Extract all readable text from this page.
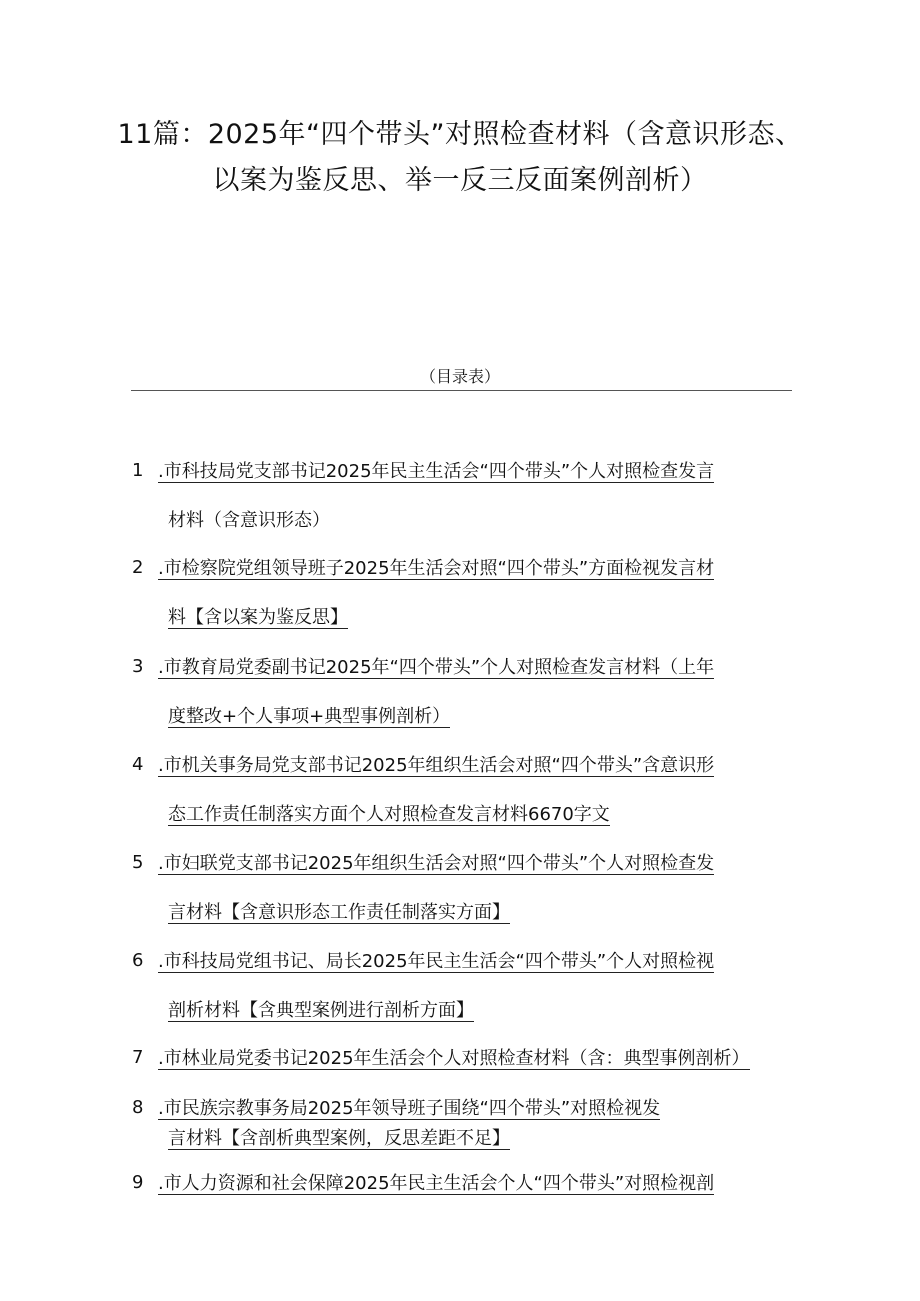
11篇：2025年“四个带头”对照检查材料（含意识形态、以案为鉴反思、举一反三反面案例剖析）
（目录表）
1 .市科技局党支部书记2025年民主生活会“四个带头”个人对照检查发言
材料（含意识形态）
2 .市检察院党组领导班子2025年生活会对照“四个带头”方面检视发言材
料【含以案为鉴反思】
3 .市教育局党委副书记2025年“四个带头”个人对照检查发言材料（上年
度整改+个人事项+典型事例剖析）
4 .市机关事务局党支部书记2025年组织生活会对照“四个带头”含意识形
态工作责任制落实方面个人对照检查发言材料6670字文
5 .市妇联党支部书记2025年组织生活会对照“四个带头”个人对照检查发
言材料【含意识形态工作责任制落实方面】
6 .市科技局党组书记、局长2025年民主生活会“四个带头”个人对照检视
剖析材料【含典型案例进行剖析方面】
7 .市林业局党委书记2025年生活会个人对照检查材料（含：典型事例剖析）
8 .市民族宗教事务局2025年领导班子围绕“四个带头”对照检视发
言材料【含剖析典型案例，反思差距不足】
9 .市人力资源和社会保障2025年民主生活会个人“四个带头”对照检视剖
